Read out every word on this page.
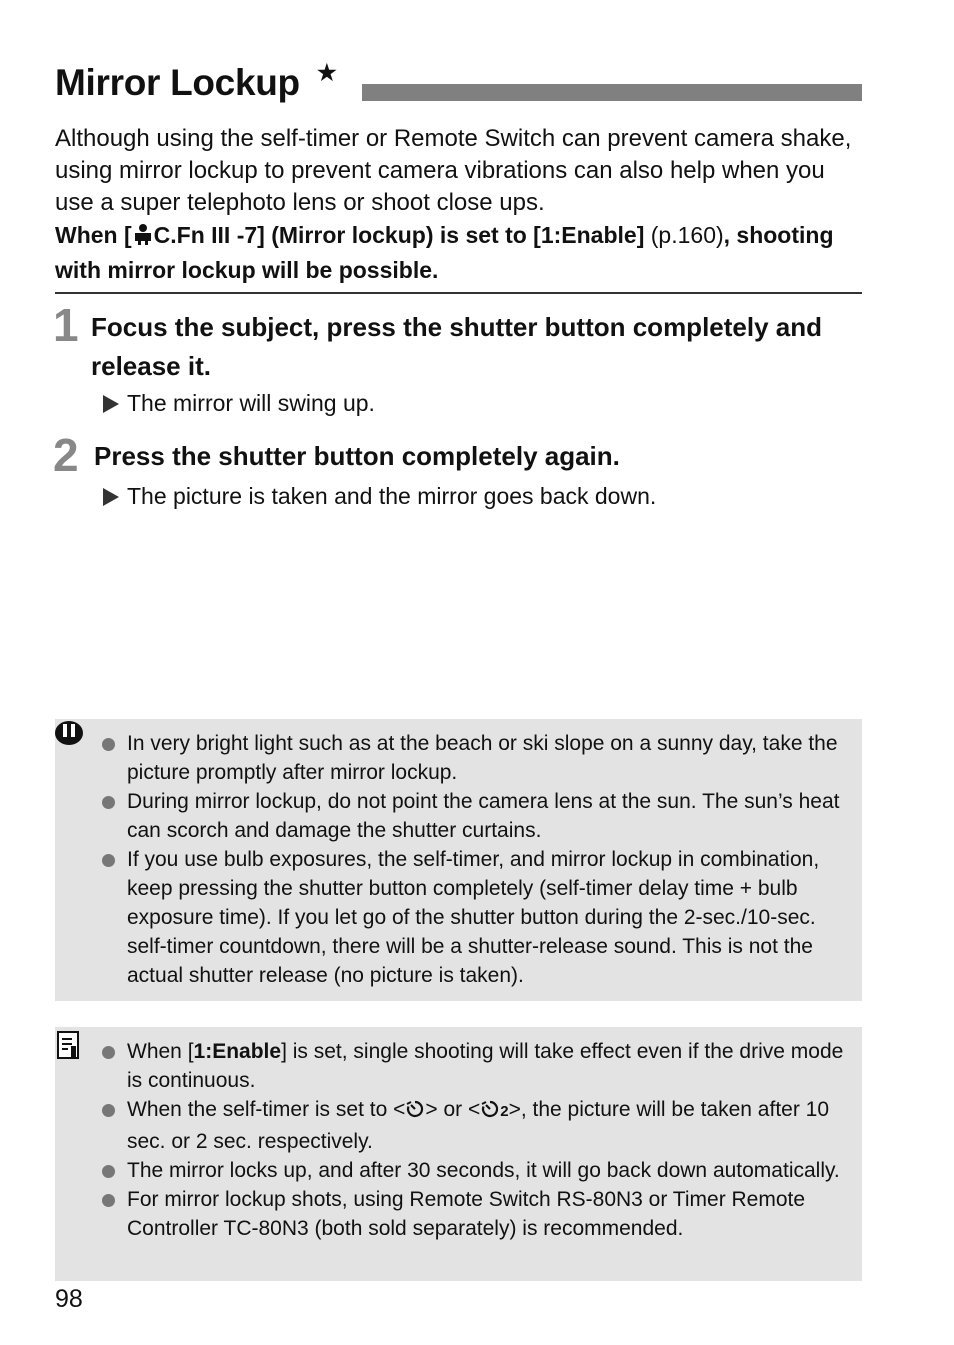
Mirror Lockup ★
Although using the self-timer or Remote Switch can prevent camera shake, using mirror lockup to prevent camera vibrations can also help when you use a super telephoto lens or shoot close ups.
When [ C.Fn III -7] (Mirror lockup) is set to [1:Enable] (p.160), shooting with mirror lockup will be possible.
1 Focus the subject, press the shutter button completely and release it.
The mirror will swing up.
2 Press the shutter button completely again.
The picture is taken and the mirror goes back down.
In very bright light such as at the beach or ski slope on a sunny day, take the picture promptly after mirror lockup.
During mirror lockup, do not point the camera lens at the sun. The sun’s heat can scorch and damage the shutter curtains.
If you use bulb exposures, the self-timer, and mirror lockup in combination, keep pressing the shutter button completely (self-timer delay time + bulb exposure time). If you let go of the shutter button during the 2-sec./10-sec. self-timer countdown, there will be a shutter-release sound. This is not the actual shutter release (no picture is taken).
When [1:Enable] is set, single shooting will take effect even if the drive mode is continuous.
When the self-timer is set to < > or < 2>, the picture will be taken after 10 sec. or 2 sec. respectively.
The mirror locks up, and after 30 seconds, it will go back down automatically.
For mirror lockup shots, using Remote Switch RS-80N3 or Timer Remote Controller TC-80N3 (both sold separately) is recommended.
98
